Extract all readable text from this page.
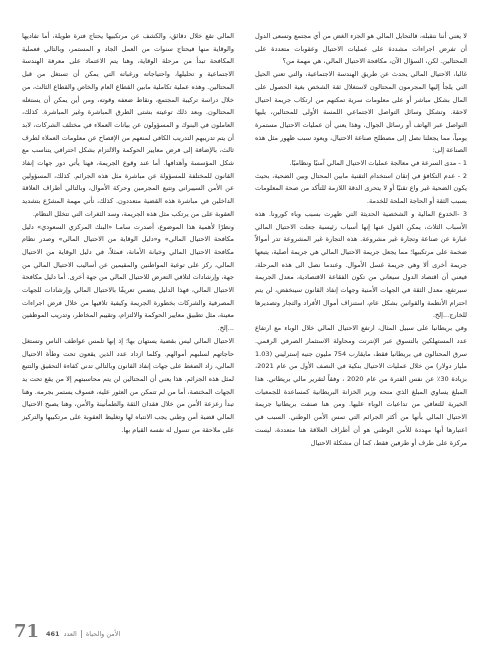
لا يعني أننا نتقبله، فالتحايل المالي هو الجزء الغض من أي مجتمع وتسعى الدول أن تفرض اجراءات مشددة على عمليات الاحتيال وعقوبات متعددة على المحتالين. لكن، السؤال الآن، مكافحة الاحتيال المالي، هي مهمة من؟

غالبا، الاحتيال المالي يحدث عن طريق الهندسة الاجتماعية، والتي تعني الحيل التي يلجأ إليها المجرمون المحتالون لاستغلال ثقة الشخص بغية الحصول على المال بشكل مباشر أو على معلومات سرية تمكنهم من ارتكاب جريمة احتيال لاحقة. وتشكل وسائل التواصل الاجتماعي اللمسة الأولى للمحتالين، يليها التواصل عبر الهاتف أو رسائل الجوال، وهذا يعني أن عمليات الاحتيال مستمرة يومياً، مما يجعلنا نصل إلى مصطلح صناعة الاحتيال، ويعود سبب ظهور مثل هذه الصناعة إلى:

1 - مدى السرعة في معالجة عمليات الاحتيال المالي آمنيًا ونظاميًا.

2 - عدم التكافؤ في إتقان استخدام التقنية مابين المحتال وبين الضحية، بحيث يكون الضحية غير واع تقنيًا أو لا يتحرى الدقة اللازمة للتأكد من صحة المعلومات بسبب الثقة أو الحاجة الملحة للخدمة.

3 -الخدوع المالية و الشخصية الحديثة التي ظهرت بسبب وباء كورونا. هذه الأسباب الثلاث، يمكن القول عنها إنها أسباب رئيسية جعلت الاحتيال المالي عبارة عن صناعة وتجارة غير مشروعة. هذه التجارة غير المشروعة تدر أموالاً ضخمة على مرتكبيها؛ مما يجعل جريمة الاحتيال المالي هي جريمة أصلية، يتبعها جريمة أخرى ألا وهي جريمة غسل الأموال. وعندما نصل الى هذه المرحلة، فيعني أن اقتصاد الدول سيعاني من تكون الفقاعة الاقتصادية، معدل الجريمة سيرتفع، معدل الثقة في الجهات الأمنية وجهات إنفاذ القانون سينخفض، لن يتم احترام الأنظمة والقوانين بشكل عام، استنزاف أموال الأفراد والتجار وتصديرها للخارج...إلخ.

وفي بريطانيا على سبيل المثال، ارتفع الاحتيال المالي خلال الوباء مع ارتفاع عدد المستهلكين بالتسوق عبر الإنترنت ومحاولة الاستثمار الصرفي الرقمي. سرق المحتالون في بريطانيا فقط، مايقارب 754 مليون جنيه إسترليني (1.03 مليار دولار) من خلال عمليات الاحتيال بنكية في النصف الأول من عام 2021، بزيادة 30٪ عن نفس الفترة من عام 2020 ، وفقاً لتقرير مالي بريطاني. هذا المبلغ يساوي المبلغ الذي منحه وزير الخزانة البريطانية كمساعدة للجمعيات الخيرية للتعافي من تداعيات الوباء عليها. ومن هنا صنفت بريطانيا جريمة الاحتيال المالي بأنها من أكثر الجرائم التي تمس الأمن الوطني. السبب في اعتبارها أنها مهددة للأمن الوطني هو أن أطراف العلاقة هنا متعددة، ليست مركزة على طرف أو طرفين فقط، كما أن مشكلة الاحتيال

المالي تقع خلال دقائق، والكشف عن مرتكبيها يحتاج فترة طويلة، أما تفاديها والوقاية منها فيحتاج سنوات من العمل الجاد و المستمر، وبالتالي فعملية المكافحة تبدأ من مرحلة الوقاية، وهنا يتم الاعتماد على معرفة الهندسة الاجتماعية و تحليلها، واحتياجاته ورغباته التي يمكن أن تستغل من قبل المحتالين. وهذه عملية تكاملية مابين القطاع العام والخاص والقطاع الثالث، من خلال دراسة تركيبة المجتمع، ونقاط ضعفه وقوته، ومن أين يمكن أن يستغله المحتالون. وبعد ذلك توعيته بشتى الطرق المباشرة وغير المباشرة. كذلك، العاملون في البنوك و المسؤولون عن بيانات العملاء في مختلف الشركات، لابد أن يتم تدريبهم التدريب الكافي لمنعهم من الإفصاح عن معلومات العملاء لطرف ثالث، بالإضافة إلى فرض معايير الحوكمة والالتزام بشكل احترافي يتناسب مع شكل المؤسسة وأهدافها. أما عند وقوع الجريمة، فهنا يأتي دور جهات إنفاذ القانون للمختلفة للمسؤولة عن مباشرة مثل هذه الجرائم. كذلك، المسؤولين عن الأمن السيبراني وتتبع المجرمين وحركة الأموال، وبالتالي أطراف العلاقة الداخلين في مباشرة هذه القضية متعددون. كذلك، تأتي مهمة المشرّع بتشديد العقوبة على من يرتكب مثل هذه الجريمة، وسد الثغرات التي تتخلل النظام.

ونظرًا لأهمية هذا الموضوع، أصدرت سامـا «البنك المركزي السعودي» دليل مكافحة الاحتيال المالي» و«دليل الوقاية من الاحتيال المالي» وصدر نظام مكافحة الاحتيال المالي وخيانة الأمانة، فمثلاً، في دليل الوقاية من الاحتيال المالي، ركز على توعية المواطنين والمقيمين عن أساليب الاحتيال المالي من جهة، وإرشادات لتلافي التعرض للاحتيال المالي من جهة أخرى. أما دليل مكافحة الاحتيال المالي، فهذا الدليل يتضمن تعريفًا بالاحتيال المالي وإرشادات للجهات المصرفية والشركات بخطورة الجريمة وكيفية تلافيها من خلال فرض اجراءات معينة، مثل تطبيق معايير الحوكمة والالتزام، وتقييم المخاطر، وتدريب الموظفين ...إلخ.

الاحتيال المالي ليس بقضية يستهان بها؛ إذ إنها تلمس عواطف الناس وتستغل حاجاتهم لسلبهم أموالهم. وكلما ازداد عدد الذين يقعون تحت وطأة الاحتيال المالي، زاد الضغط على جهات إنفاذ القانون وبالتالي تدني كفاءة التحقيق والتتبع لمثل هذه الجرائم. هذا يعني أن المحتالين لن يتم محاسبتهم إلا من يقع تحت يد الجهات المختصة، أما من لم تتمكن من العثور عليه، فسوف يستمر بجرمه. وهنا تبدأ زعزعة الأمن من خلال فقدان الثقة والطمأنينة والأمن، وهنا يصبح الاحتيال المالي قضية أمن وطني يجب الانتباه لها وتغليظ العقوبة على مرتكبيها والتركيز على ملاحقة من تسول له نفسه القيام بها.

71	الأمن والحياة
العدد
461
